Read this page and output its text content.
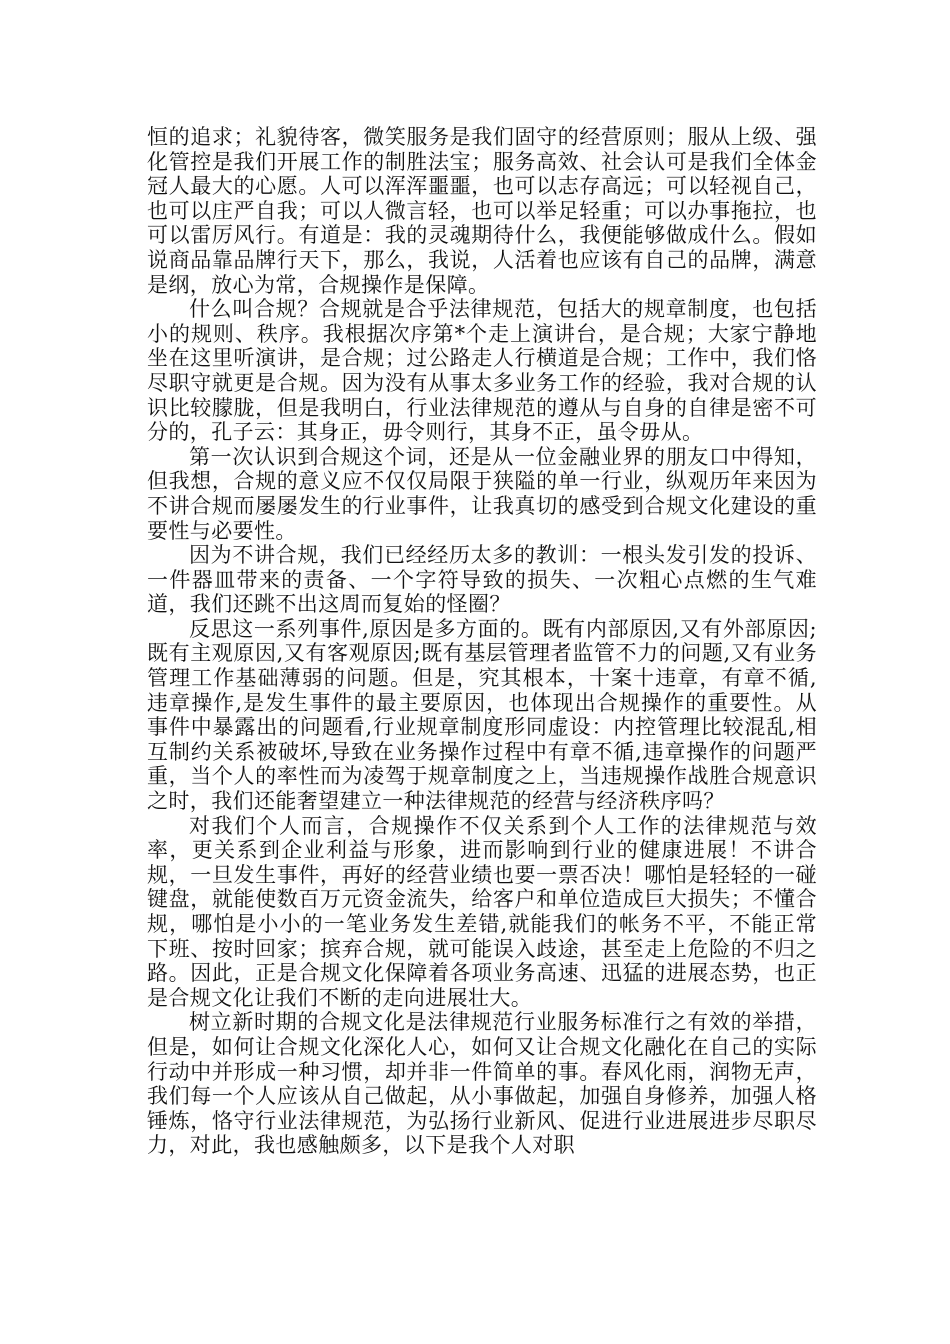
恒的追求；礼貌待客，微笑服务是我们固守的经营原则；服从上级、强化管控是我们开展工作的制胜法宝；服务高效、社会认可是我们全体金冠人最大的心愿。人可以浑浑噩噩，也可以志存高远；可以轻视自己，也可以庄严自我；可以人微言轻，也可以举足轻重；可以办事拖拉，也可以雷厉风行。有道是：我的灵魂期待什么，我便能够做成什么。假如说商品靠品牌行天下，那么，我说，人活着也应该有自己的品牌，满意是纲，放心为常，合规操作是保障。

什么叫合规？合规就是合乎法律规范，包括大的规章制度，也包括小的规则、秩序。我根据次序第*个走上演讲台，是合规；大家宁静地坐在这里听演讲，是合规；过公路走人行横道是合规；工作中，我们恪尽职守就更是合规。因为没有从事太多业务工作的经验，我对合规的认识比较朦胧，但是我明白，行业法律规范的遵从与自身的自律是密不可分的，孔子云：其身正，毋令则行，其身不正，虽令毋从。

第一次认识到合规这个词，还是从一位金融业界的朋友口中得知，但我想，合规的意义应不仅仅局限于狭隘的单一行业，纵观历年来因为不讲合规而屡屡发生的行业事件，让我真切的感受到合规文化建设的重要性与必要性。

因为不讲合规，我们已经经历太多的教训：一根头发引发的投诉、一件器皿带来的责备、一个字符导致的损失、一次粗心点燃的生气难道，我们还跳不出这周而复始的怪圈？

反思这一系列事件,原因是多方面的。既有内部原因,又有外部原因;既有主观原因,又有客观原因;既有基层管理者监管不力的问题,又有业务管理工作基础薄弱的问题。但是，究其根本，十案十违章，有章不循,违章操作,是发生事件的最主要原因，也体现出合规操作的重要性。从事件中暴露出的问题看,行业规章制度形同虚设：内控管理比较混乱,相互制约关系被破坏,导致在业务操作过程中有章不循,违章操作的问题严重，当个人的率性而为凌驾于规章制度之上，当违规操作战胜合规意识之时，我们还能奢望建立一种法律规范的经营与经济秩序吗？

对我们个人而言，合规操作不仅关系到个人工作的法律规范与效率，更关系到企业利益与形象，进而影响到行业的健康进展！不讲合规，一旦发生事件，再好的经营业绩也要一票否决！哪怕是轻轻的一碰键盘，就能使数百万元资金流失，给客户和单位造成巨大损失；不懂合规，哪怕是小小的一笔业务发生差错,就能我们的帐务不平，不能正常下班、按时回家；摈弃合规，就可能误入歧途，甚至走上危险的不归之路。因此，正是合规文化保障着各项业务高速、迅猛的进展态势，也正是合规文化让我们不断的走向进展壮大。

树立新时期的合规文化是法律规范行业服务标准行之有效的举措，但是，如何让合规文化深化人心，如何又让合规文化融化在自己的实际行动中并形成一种习惯，却并非一件简单的事。春风化雨，润物无声，我们每一个人应该从自己做起，从小事做起，加强自身修养，加强人格锤炼，恪守行业法律规范，为弘扬行业新风、促进行业进展进步尽职尽力，对此，我也感触颇多，以下是我个人对职
